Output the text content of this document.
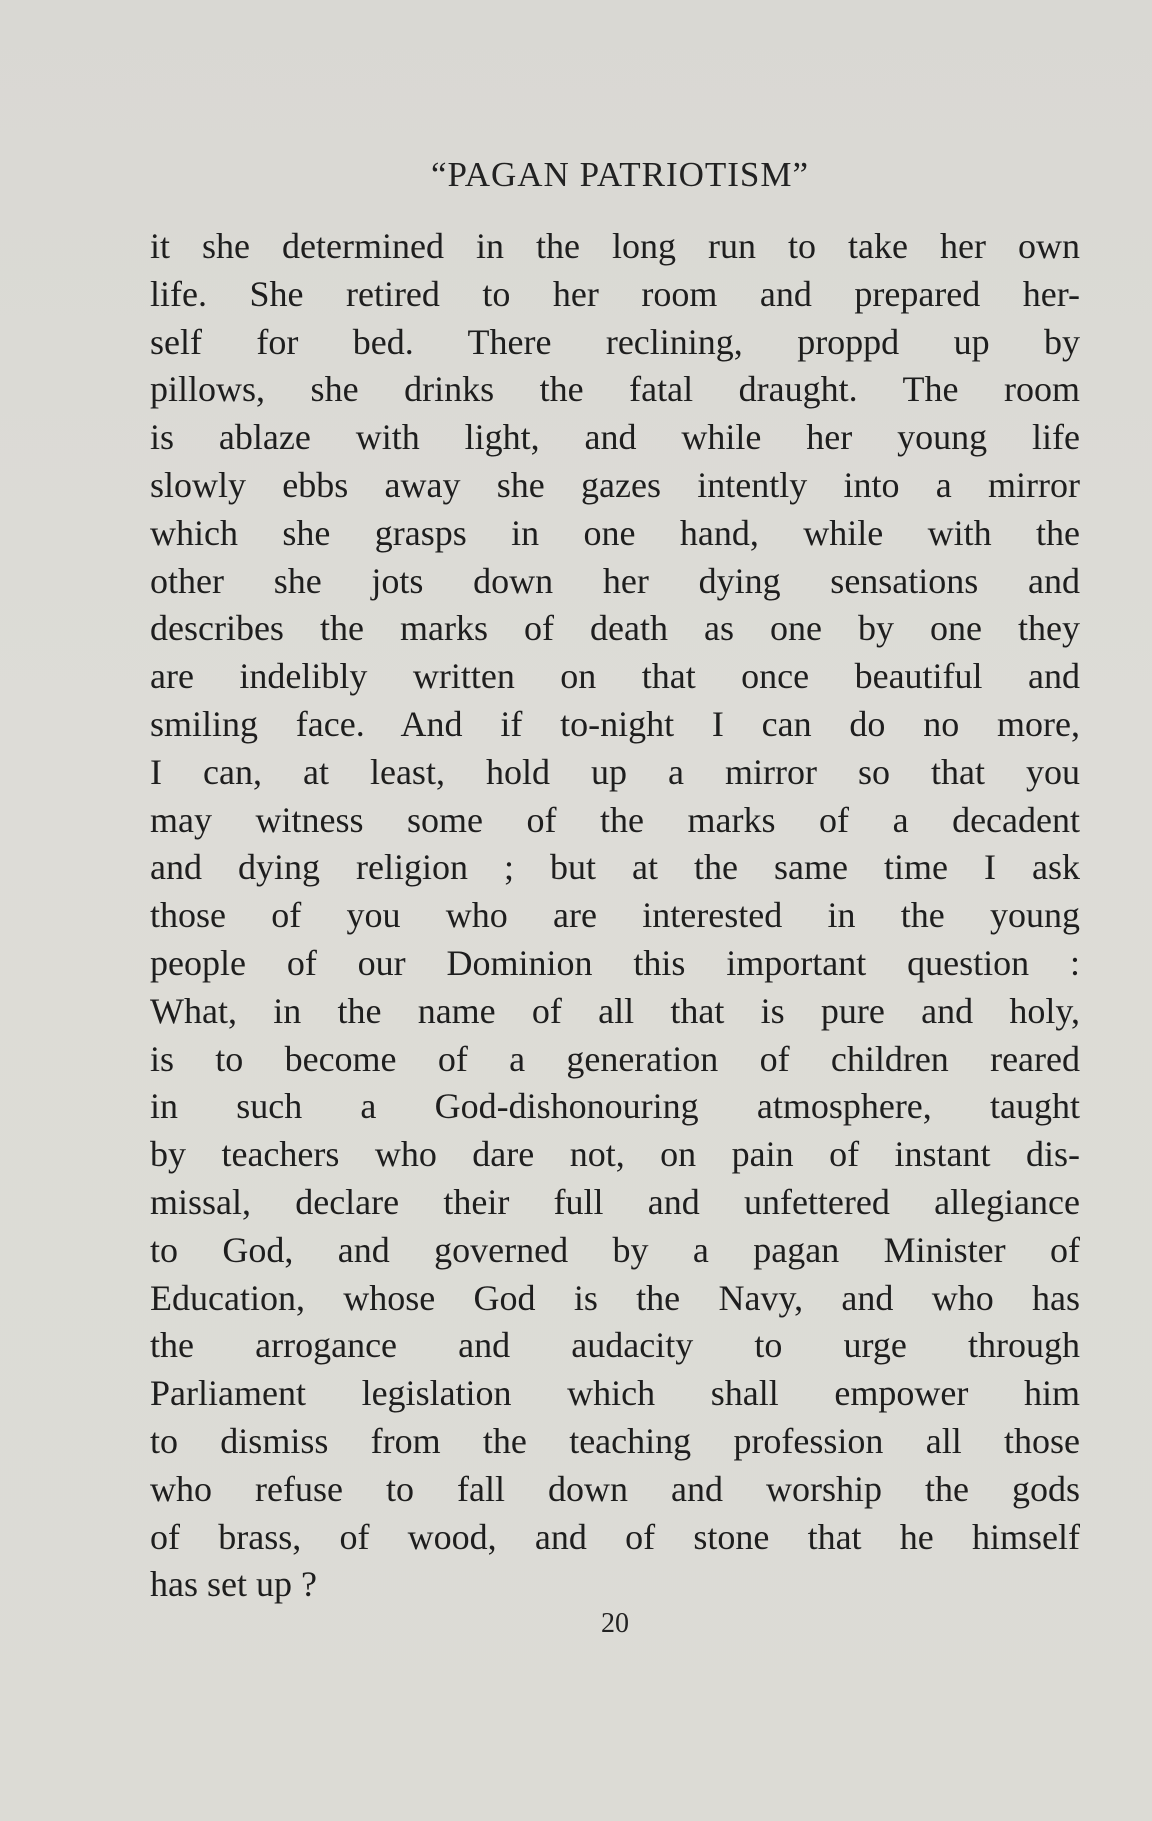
“PAGAN PATRIOTISM”
it she determined in the long run to take her own
life. She retired to her room and prepared her-
self for bed. There reclining, proppd up by
pillows, she drinks the fatal draught. The room
is ablaze with light, and while her young life
slowly ebbs away she gazes intently into a mirror
which she grasps in one hand, while with the
other she jots down her dying sensations and
describes the marks of death as one by one they
are indelibly written on that once beautiful and
smiling face. And if to-night I can do no more,
I can, at least, hold up a mirror so that you
may witness some of the marks of a decadent
and dying religion ; but at the same time I ask
those of you who are interested in the young
people of our Dominion this important question :
What, in the name of all that is pure and holy,
is to become of a generation of children reared
in such a God-dishonouring atmosphere, taught
by teachers who dare not, on pain of instant dis-
missal, declare their full and unfettered allegiance
to God, and governed by a pagan Minister of
Education, whose God is the Navy, and who has
the arrogance and audacity to urge through
Parliament legislation which shall empower him
to dismiss from the teaching profession all those
who refuse to fall down and worship the gods
of brass, of wood, and of stone that he himself
has set up ?
20
